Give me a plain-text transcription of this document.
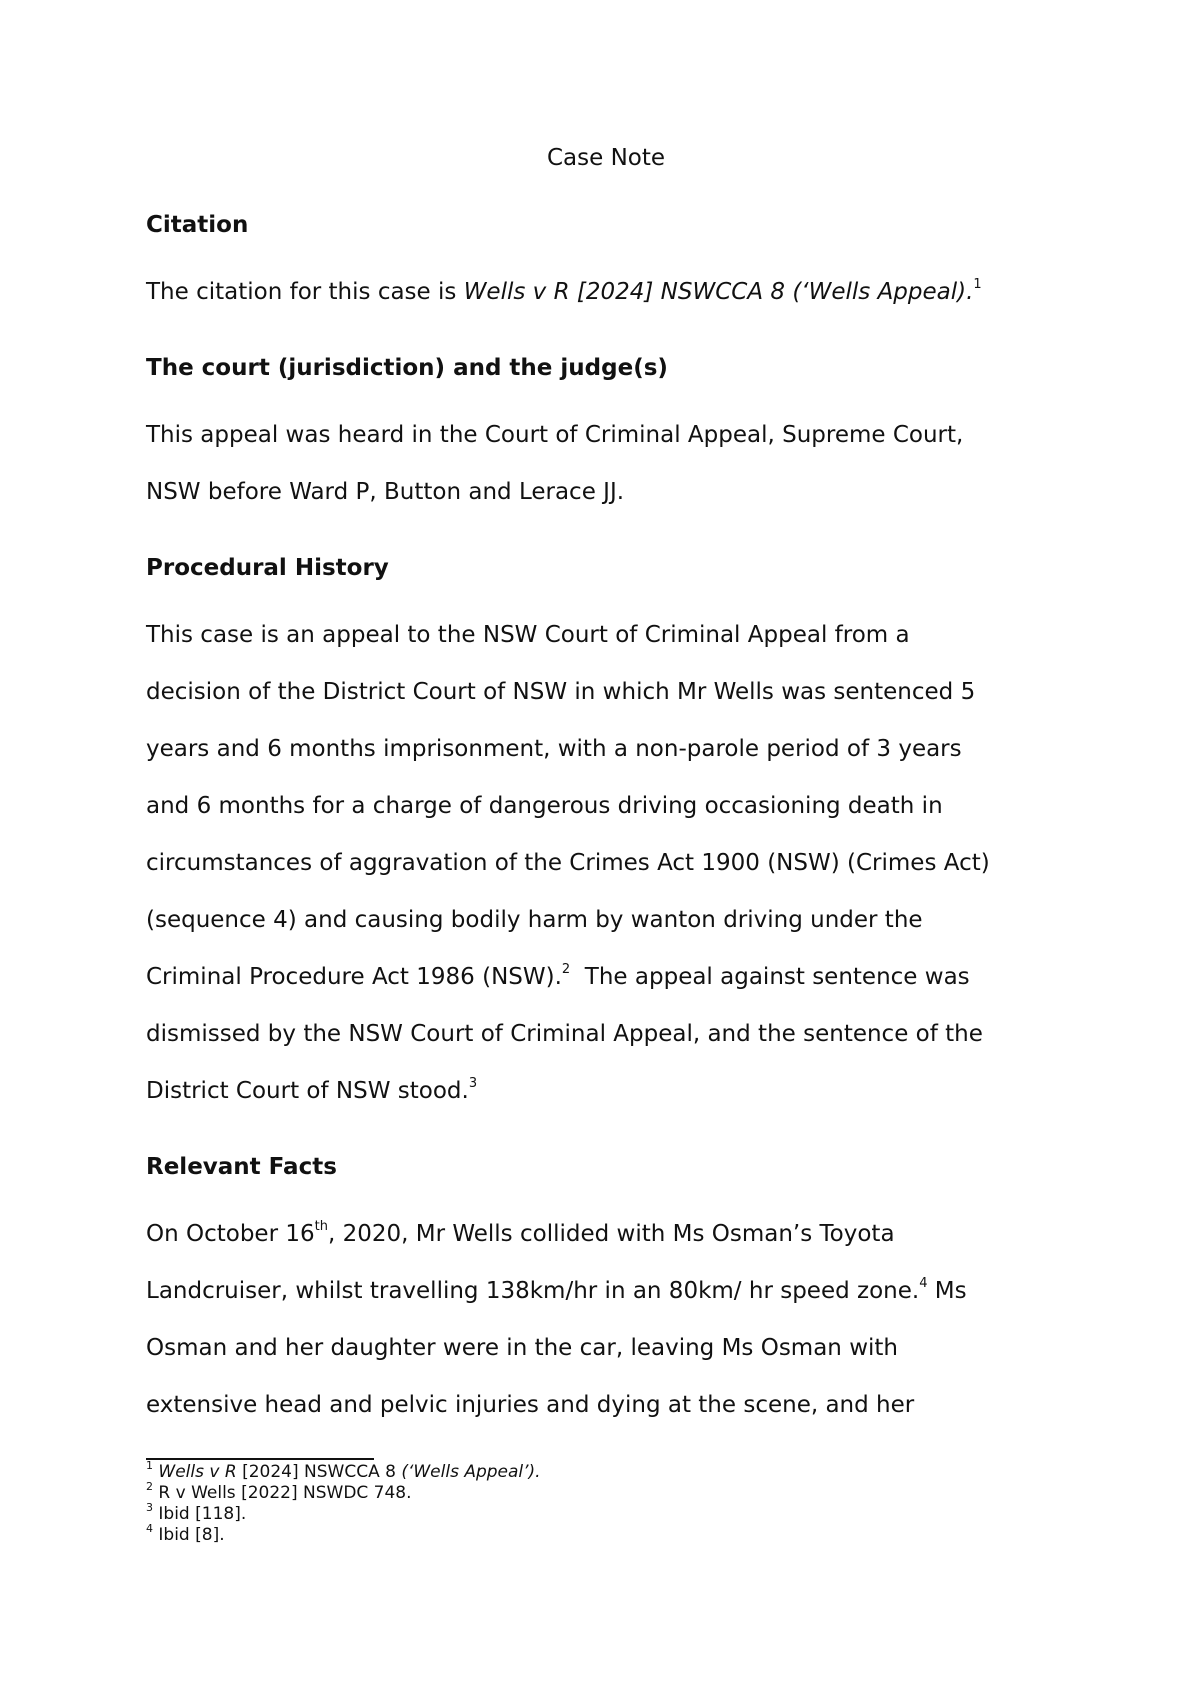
Case Note
Citation
The citation for this case is Wells v R [2024] NSWCCA 8 (‘Wells Appeal).$^1$
The court (jurisdiction) and the judge(s)
This appeal was heard in the Court of Criminal Appeal, Supreme Court,
NSW before Ward P, Button and Lerace JJ.
Procedural History
This case is an appeal to the NSW Court of Criminal Appeal from a
decision of the District Court of NSW in which Mr Wells was sentenced 5
years and 6 months imprisonment, with a non-parole period of 3 years
and 6 months for a charge of dangerous driving occasioning death in
circumstances of aggravation of the Crimes Act 1900 (NSW) (Crimes Act)
(sequence 4) and causing bodily harm by wanton driving under the
Criminal Procedure Act 1986 (NSW).$^2$  The appeal against sentence was
dismissed by the NSW Court of Criminal Appeal, and the sentence of the
District Court of NSW stood.$^3$
Relevant Facts
On October 16th, 2020, Mr Wells collided with Ms Osman’s Toyota
Landcruiser, whilst travelling 138km/hr in an 80km/ hr speed zone.$^4$ Ms
Osman and her daughter were in the car, leaving Ms Osman with
extensive head and pelvic injuries and dying at the scene, and her
$^1$ Wells v R [2024] NSWCCA 8 (‘Wells Appeal’).
$^2$ R v Wells [2022] NSWDC 748.
$^3$ Ibid [118].
$^4$ Ibid [8].
